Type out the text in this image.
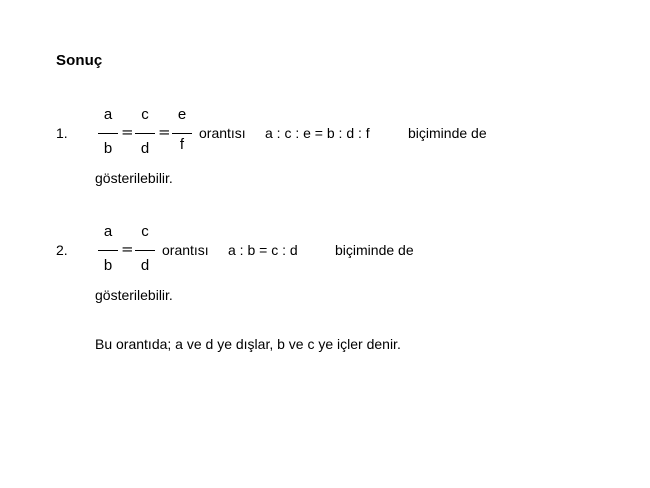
Sonuç
1.
a
b
=
c
d
=
e
f
orantısı a : c : e = b : d : f	biçiminde de
gösterilebilir.
2.
a
b
=
c
d
orantısı a : b = c : d	biçiminde de
gösterilebilir.
Bu orantıda; a ve d ye dışlar, b ve c ye içler denir.
